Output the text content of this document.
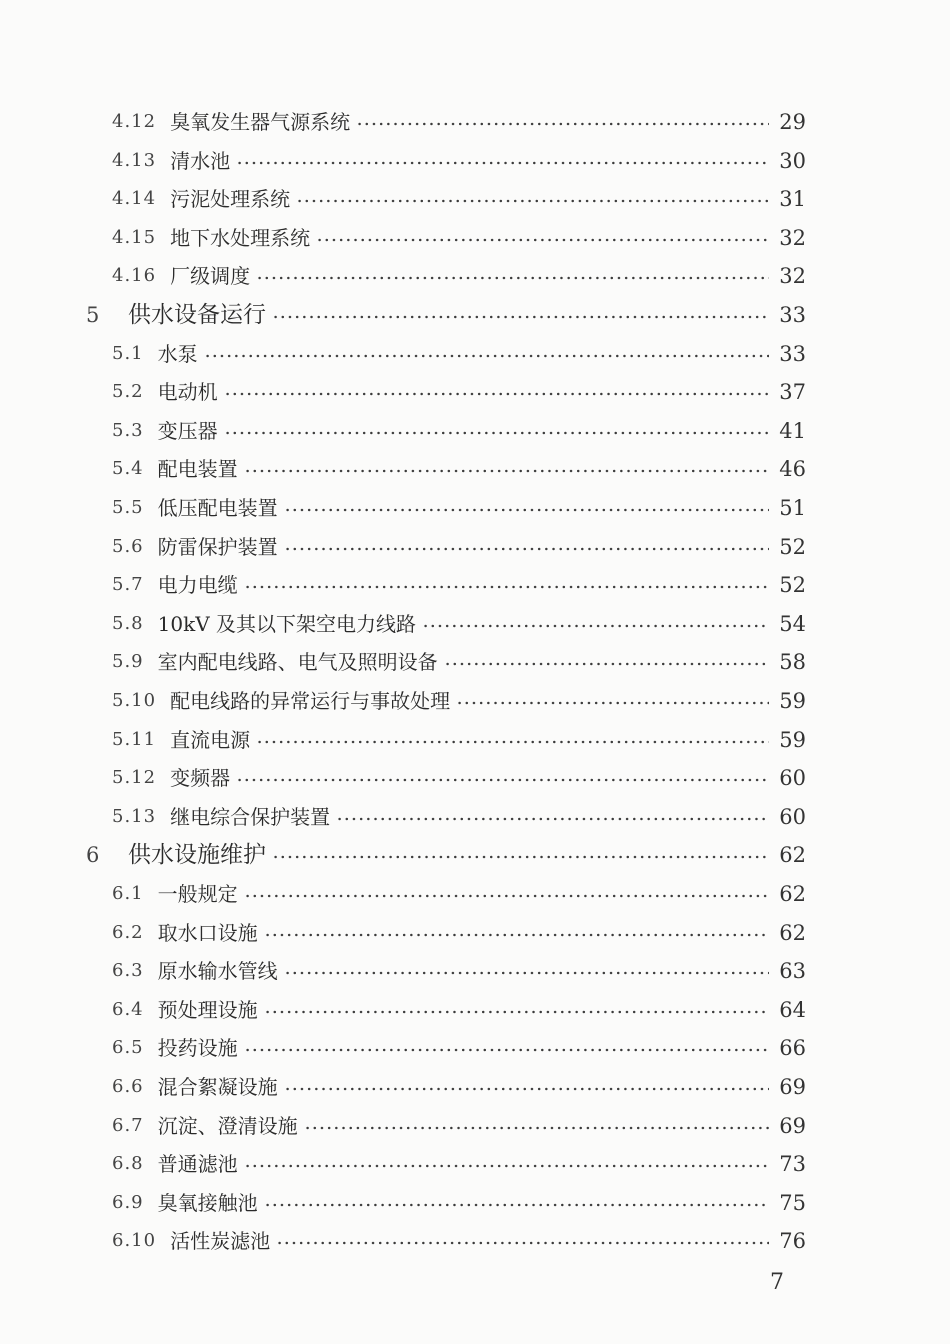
4.12 臭氧发生器气源系统	29
4.13 清水池	30
4.14 污泥处理系统	31
4.15 地下水处理系统	32
4.16 厂级调度	32
5	供水设备运行	33
5.1 水泵	33
5.2 电动机	37
5.3 变压器	41
5.4 配电装置	46
5.5 低压配电装置	51
5.6 防雷保护装置	52
5.7 电力电缆	52
5.8 10kV 及其以下架空电力线路	54
5.9 室内配电线路、电气及照明设备	58
5.10 配电线路的异常运行与事故处理	59
5.11 直流电源	59
5.12 变频器	60
5.13 继电综合保护装置	60
6	供水设施维护	62
6.1 一般规定	62
6.2 取水口设施	62
6.3 原水输水管线	63
6.4 预处理设施	64
6.5 投药设施	66
6.6 混合絮凝设施	69
6.7 沉淀、澄清设施	69
6.8 普通滤池	73
6.9 臭氧接触池	75
6.10 活性炭滤池	76
7
